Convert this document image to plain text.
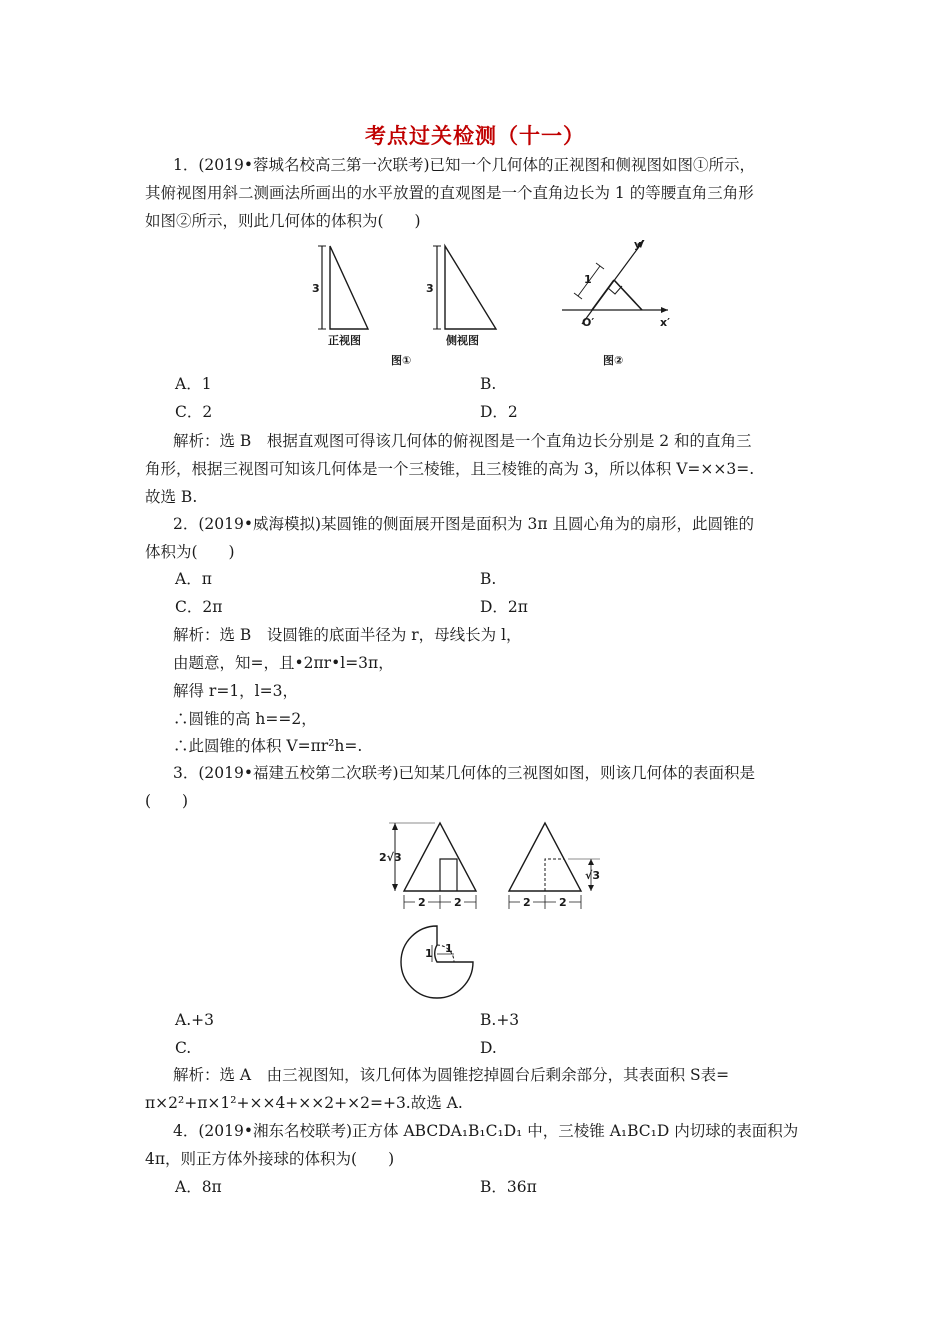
考点过关检测（十一）
1．(2019•蓉城名校高三第一次联考)已知一个几何体的正视图和侧视图如图①所示，
其俯视图用斜二测画法所画出的水平放置的直观图是一个直角边长为 1 的等腰直角三角形
如图②所示，则此几何体的体积为(　　)
3
正视图
3
侧视图
图①
1
O′	x′
y′
图②
A．1	B.
C．2	D．2
解析：选 B　根据直观图可得该几何体的俯视图是一个直角边长分别是 2 和的直角三
角形，根据三视图可知该几何体是一个三棱锥，且三棱锥的高为 3，所以体积 V=××3=.
故选 B.
2．(2019•威海模拟)某圆锥的侧面展开图是面积为 3π 且圆心角为的扇形，此圆锥的
体积为(　　)
A．π	B.
C．2π	D．2π
解析：选 B　设圆锥的底面半径为 r，母线长为 l，
由题意，知=，且•2πr•l=3π，
解得 r=1，l=3，
∴圆锥的高 h==2，
∴此圆锥的体积 V=πr²h=.
3．(2019•福建五校第二次联考)已知某几何体的三视图如图，则该几何体的表面积是
(　　)
2√3
2	2
√3
2	2
1
1
A.+3	B.+3
C.	D.
解析：选 A　由三视图知，该几何体为圆锥挖掉圆台后剩余部分，其表面积 S表=
π×2²+π×1²+××4+××2+×2=+3.故选 A.
4．(2019•湘东名校联考)正方体 ABCDA₁B₁C₁D₁ 中，三棱锥 A₁BC₁D 内切球的表面积为
4π，则正方体外接球的体积为(　　)
A．8π	B．36π
